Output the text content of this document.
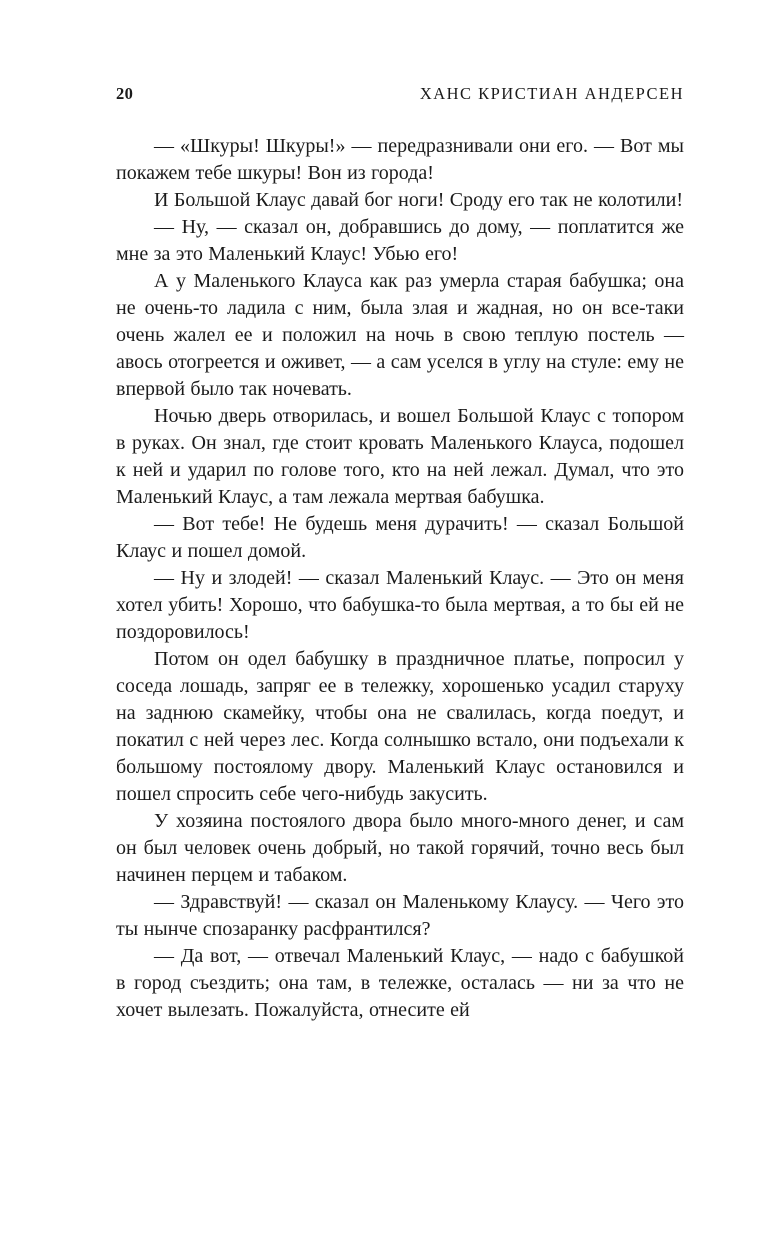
20	ХАНС КРИСТИАН АНДЕРСЕН

— «Шкуры! Шкуры!» — передразнивали они его. — Вот мы покажем тебе шкуры! Вон из города!

И Большой Клаус давай бог ноги! Сроду его так не колотили!

— Ну, — сказал он, добравшись до дому, — поплатится же мне за это Маленький Клаус! Убью его!

А у Маленького Клауса как раз умерла старая бабушка; она не очень-то ладила с ним, была злая и жадная, но он все-таки очень жалел ее и положил на ночь в свою теплую постель — авось отогреется и оживет, — а сам уселся в углу на стуле: ему не впервой было так ночевать.

Ночью дверь отворилась, и вошел Большой Клаус с топором в руках. Он знал, где стоит кровать Маленького Клауса, подошел к ней и ударил по голове того, кто на ней лежал. Думал, что это Маленький Клаус, а там лежала мертвая бабушка.

— Вот тебе! Не будешь меня дурачить! — сказал Большой Клаус и пошел домой.

— Ну и злодей! — сказал Маленький Клаус. — Это он меня хотел убить! Хорошо, что бабушка-то была мертвая, а то бы ей не поздоровилось!

Потом он одел бабушку в праздничное платье, попросил у соседа лошадь, запряг ее в тележку, хорошенько усадил старуху на заднюю скамейку, чтобы она не свалилась, когда поедут, и покатил с ней через лес. Когда солнышко встало, они подъехали к большому постоялому двору. Маленький Клаус остановился и пошел спросить себе чего-нибудь закусить.

У хозяина постоялого двора было много-много денег, и сам он был человек очень добрый, но такой горячий, точно весь был начинен перцем и табаком.

— Здравствуй! — сказал он Маленькому Клаусу. — Чего это ты нынче спозаранку расфрантился?

— Да вот, — отвечал Маленький Клаус, — надо с бабушкой в город съездить; она там, в тележке, осталась — ни за что не хочет вылезать. Пожалуйста, отнесите ей
